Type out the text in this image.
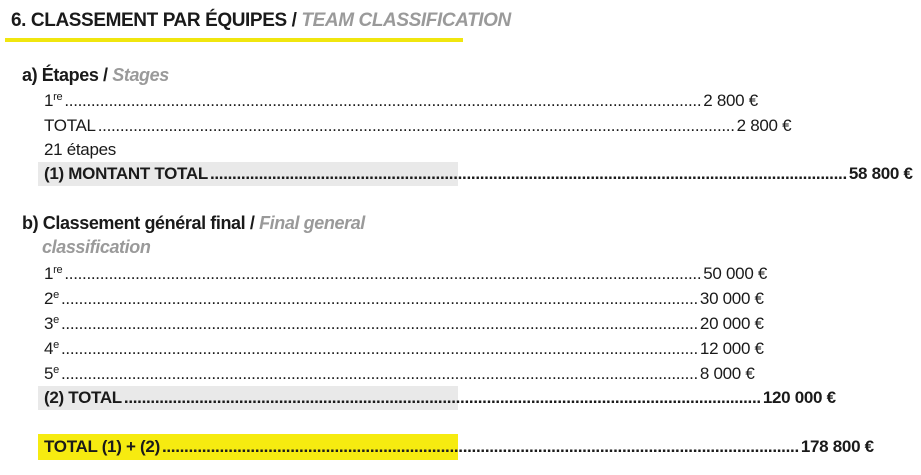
6. CLASSEMENT PAR ÉQUIPES / TEAM CLASSIFICATION
a) Étapes / Stages
1re .....	2 800 €
TOTAL .....	2 800 €
21 étapes
(1) MONTANT TOTAL .....	58 800 €
b) Classement général final / Final general
classification
1re .....	50 000 €
2e .....	30 000 €
3e .....	20 000 €
4e .....	12 000 €
5e .....	8 000 €
(2) TOTAL .....	120 000 €
TOTAL (1) + (2) .....	178 800 €
